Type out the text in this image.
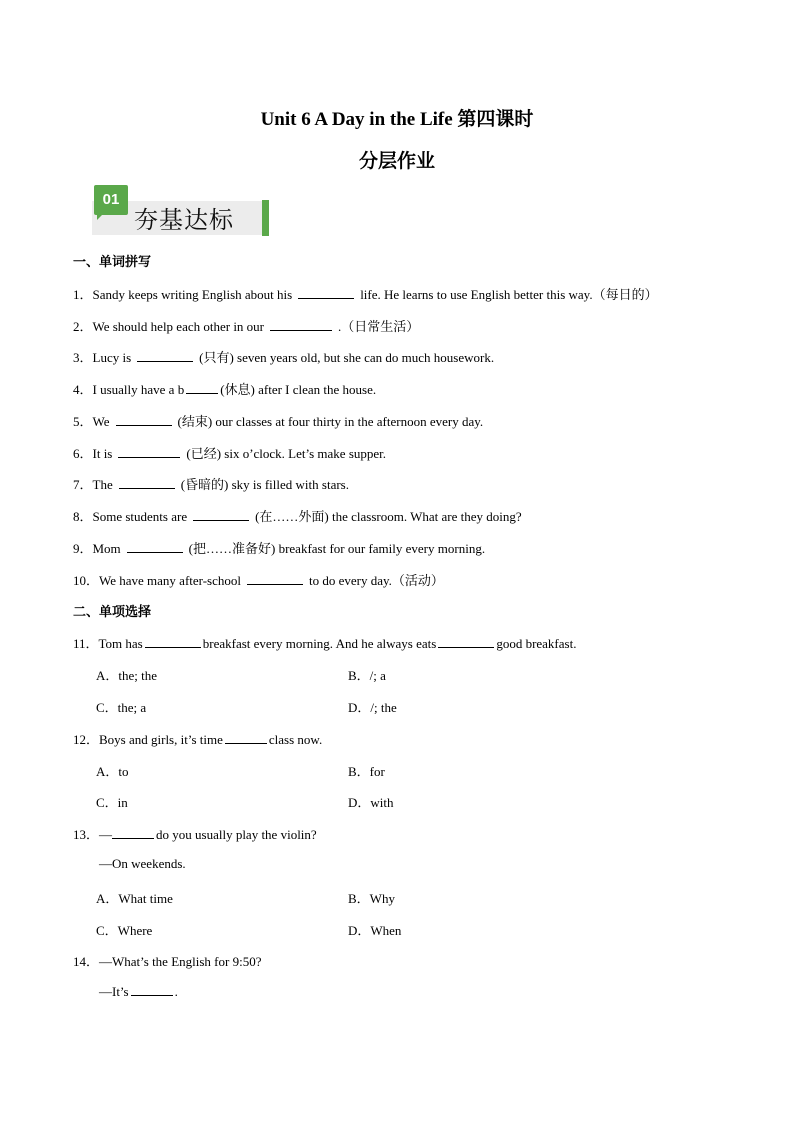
Unit 6 A Day in the Life 第四课时
分层作业
01
夯基达标
一、单词拼写
1．Sandy keeps writing English about his	life. He learns to use English better this way.（每日的）
2．We should help each other in our	.（日常生活）
3．Lucy is	(只有) seven years old, but she can do much housework.
4．I usually have a b	(休息) after I clean the house.
5．We	(结束) our classes at four thirty in the afternoon every day.
6．It is	(已经) six o’clock. Let’s make supper.
7．The	(昏暗的) sky is filled with stars.
8．Some students are	(在……外面) the classroom. What are they doing?
9．Mom	(把……准备好) breakfast for our family every morning.
10．We have many after-school	to do every day.（活动）
二、单项选择
11．Tom has	breakfast every morning. And he always eats	good breakfast.
A．the; the	B．/; a
C．the; a	D．/; the
12．Boys and girls, it’s time	class now.
A．to	B．for
C．in	D．with
13．—	do you usually play the violin?
—On weekends.
A．What time	B．Why
C．Where	D．When
14．—What’s the English for 9:50?
—It’s	.
